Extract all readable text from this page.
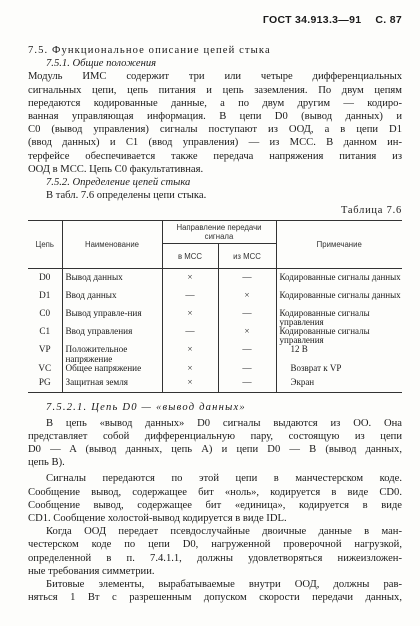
ГОСТ 34.913.3—91 С. 87
7.5. Функциональное описание цепей стыка
7.5.1. Общие положения
Модуль ИМС содержит три или четыре дифференциальных
сигнальных цепи, цепь питания и цепь заземления. По двум цепям
передаются кодированные данные, а по двум другим — кодиро-
ванная управляющая информация. В цепи D0 (вывод данных) и
C0 (вывод управления) сигналы поступают из ООД, а в цепи D1
(ввод данных) и C1 (ввод управления) — из МСС. В данном ин-
терфейсе обеспечивается также передача напряжения питания из
ООД в МСС. Цепь C0 факультативная.
7.5.2. Определение цепей стыка
В табл. 7.6 определены цепи стыка.
Таблица 7.6
Цепь	Наименование	Направление передачи сигнала		Примечание
		в МСС	из МСС	
D0	Вывод данных	×	—	Кодированные сигналы данных
D1	Ввод данных	—	×	Кодированные сигналы данных
C0	Вывод управле-ния	×	—	Кодированные сигналы управления
C1	Ввод управления	—	×	Кодированные сигналы управления
VP	Положительное напряжение	×	—	12 В
VC	Общее напряжение	×	—	Возврат к VP
PG	Защитная земля	×	—	Экран
7.5.2.1. Цепь D0 — «вывод данных»
В цепь «вывод данных» D0 сигналы выдаются из ОО. Она
представляет собой дифференциальную пару, состоящую из цепи
D0 — A (вывод данных, цепь А) и цепи D0 — B (вывод данных,
цепь В).
Сигналы передаются по этой цепи в манчестерском коде.
Сообщение вывод, содержащее бит «ноль», кодируется в виде CD0.
Сообщение вывод, содержащее бит «единица», кодируется в виде
CD1. Сообщение холостой-вывод кодируется в виде IDL.
Когда ООД передает псевдослучайные двоичные данные в ман-
честерском коде по цепи D0, нагруженной проверочной нагрузкой,
определенной в п. 7.4.1.1, должны удовлетворяться нижеизложен-
ные требования симметрии.
Битовые элементы, вырабатываемые внутри ООД, должны рав-
няться 1 Вт с разрешенным допуском скорости передачи данных,
